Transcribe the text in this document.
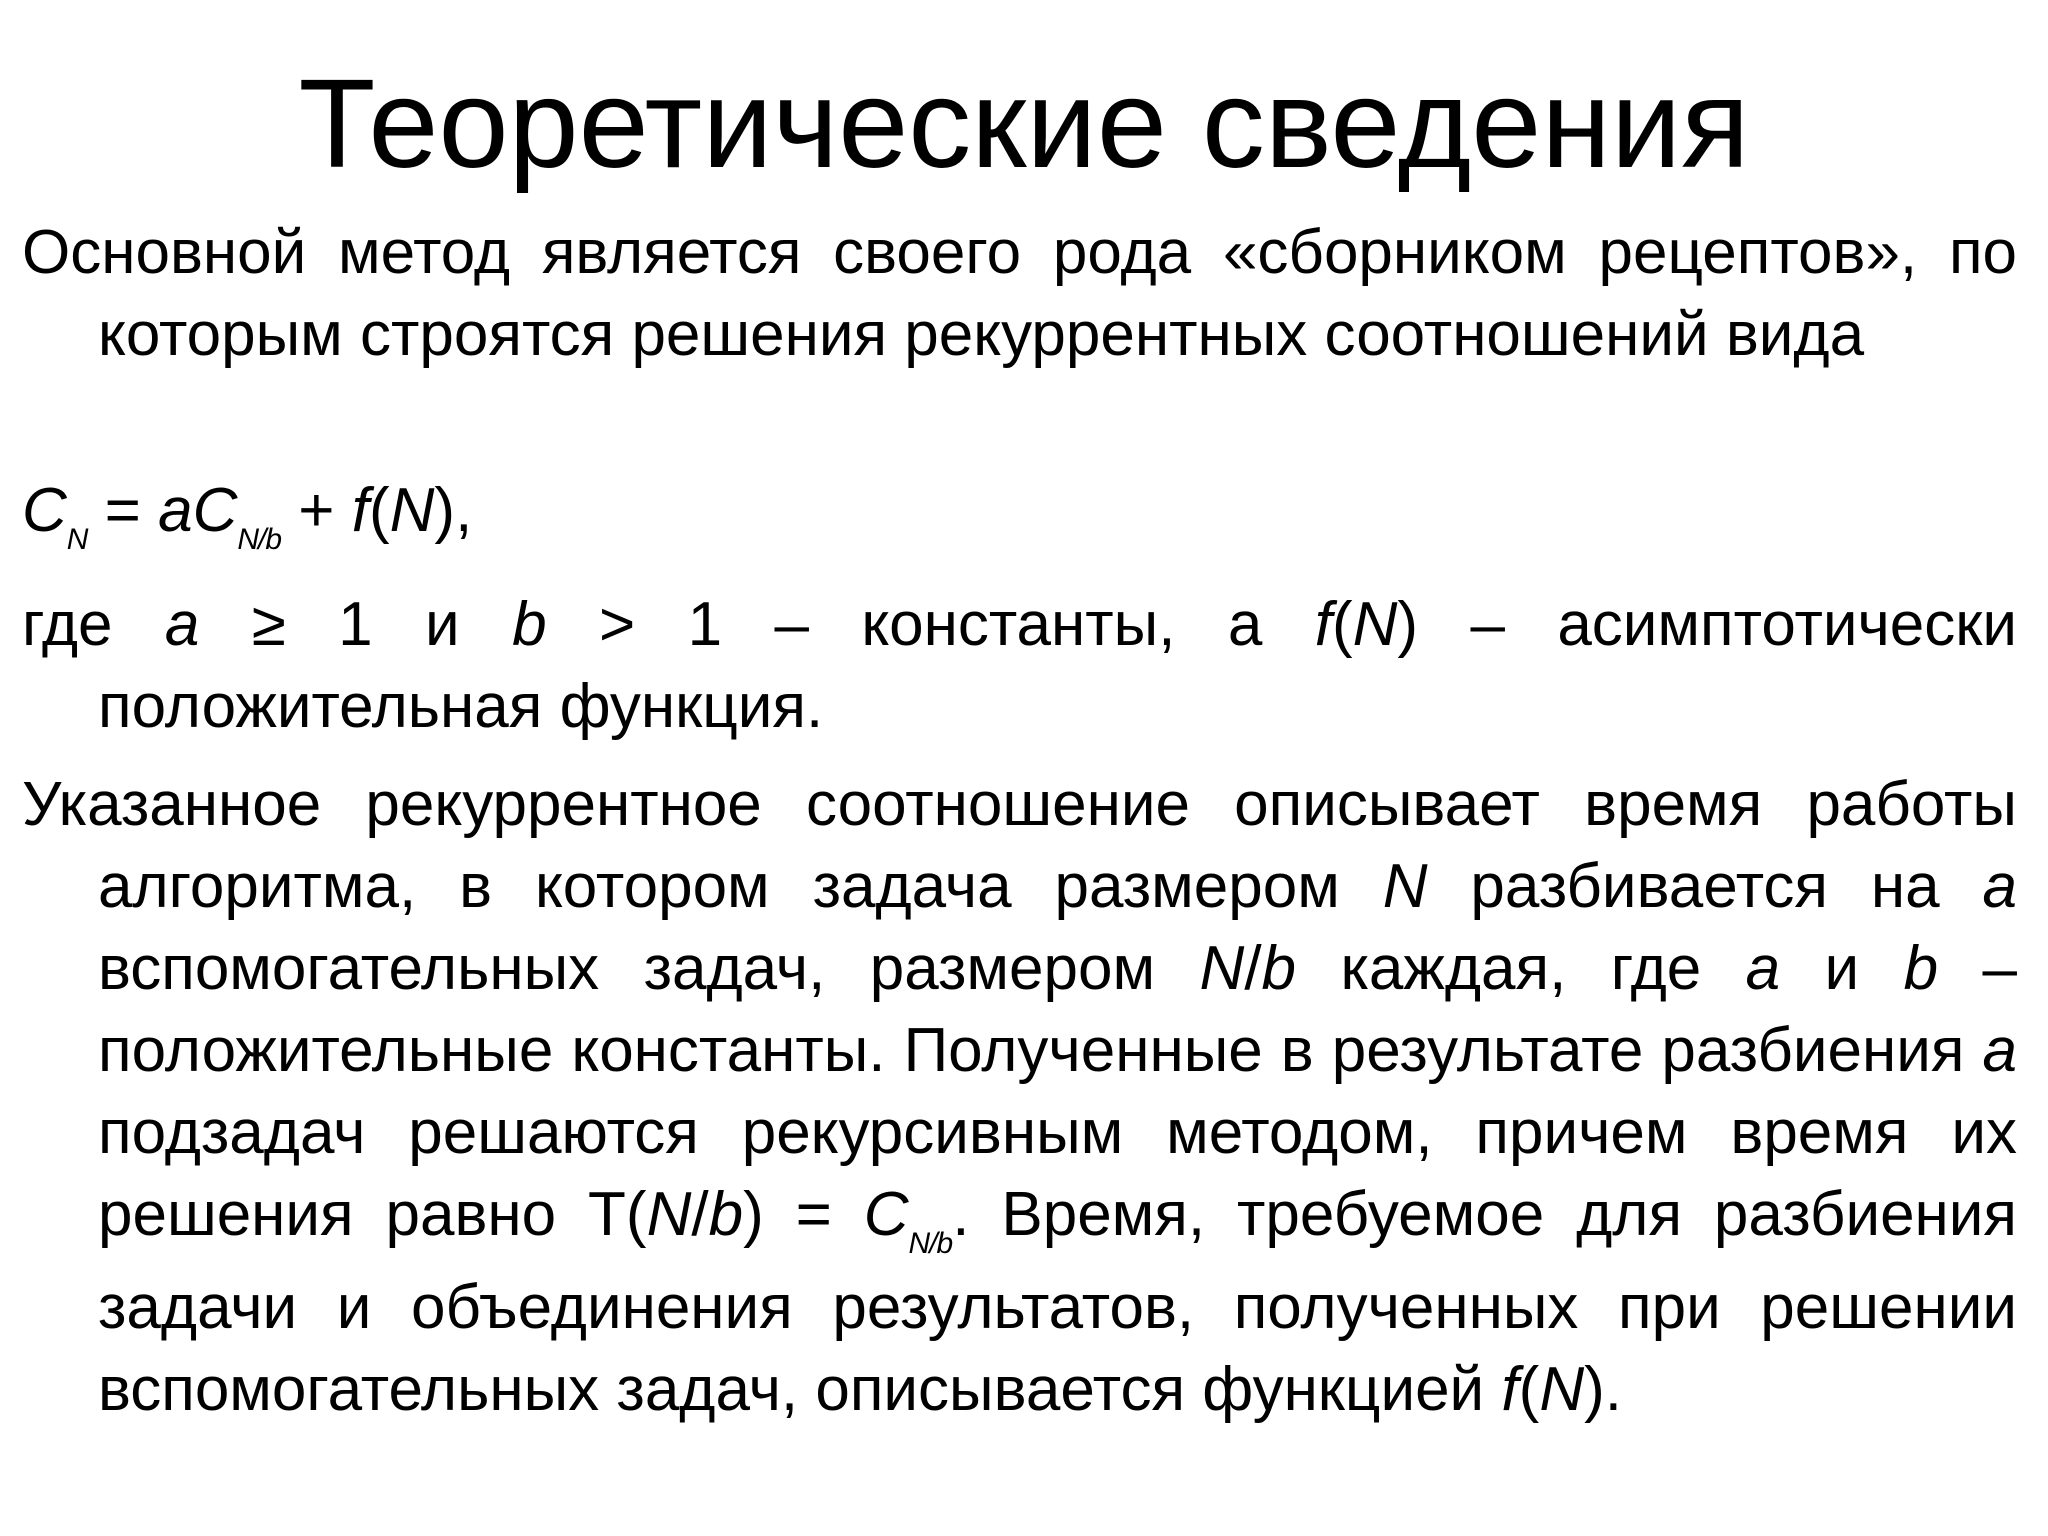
Теоретические сведения

Основной метод является своего рода «сборником рецептов», по которым строятся решения рекуррентных соотношений вида

$C_N = aC_{N/b} + f(N)$,

где a ≥ 1 и b > 1 – константы, а f(N) – асимптотически положительная функция.

Указанное рекуррентное соотношение описывает время работы алгоритма, в котором задача размером N разбивается на a вспомогательных задач, размером N/b каждая, где a и b – положительные константы. Полученные в результате разбиения a подзадач решаются рекурсивным методом, причем время их решения равно $T(N/b) = C_{N/b}$. Время, требуемое для разбиения задачи и объединения результатов, полученных при решении вспомогательных задач, описывается функцией f(N).
